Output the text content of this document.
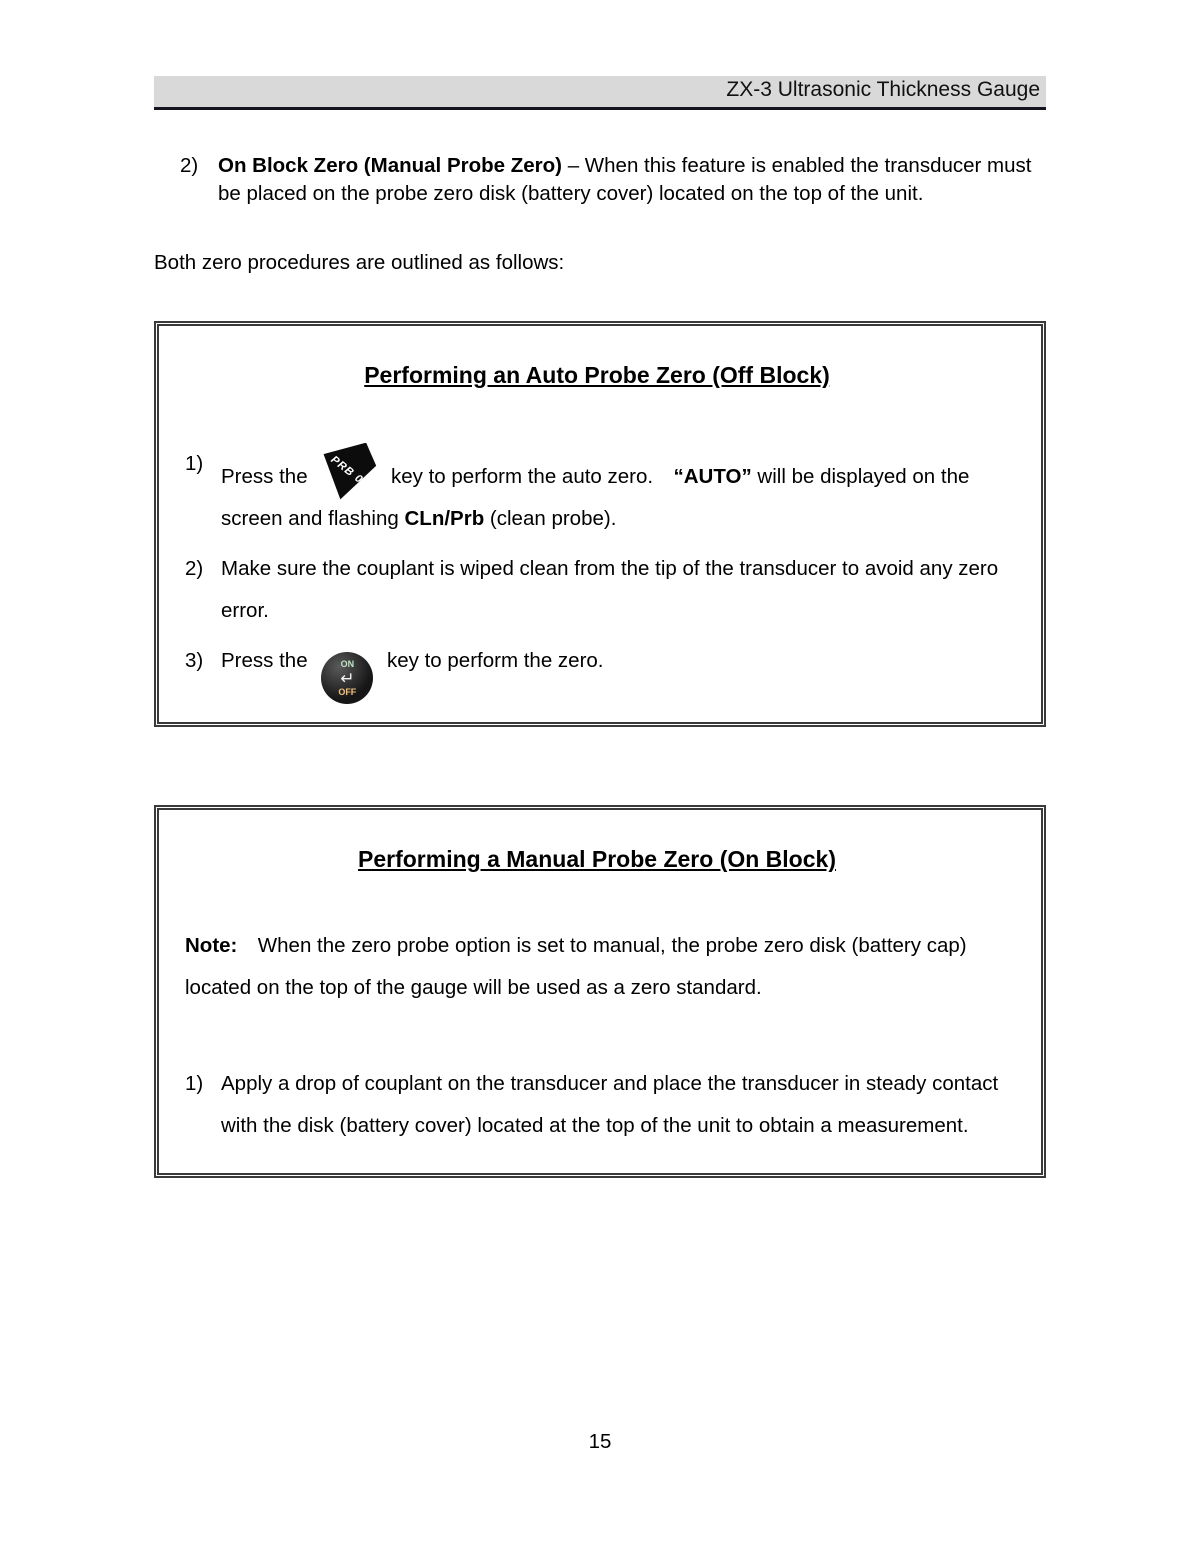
ZX-3 Ultrasonic Thickness Gauge
2) On Block Zero (Manual Probe Zero) – When this feature is enabled the transducer must be placed on the probe zero disk (battery cover) located on the top of the unit.

Both zero procedures are outlined as follows:

Performing an Auto Probe Zero (Off Block)
1)
Press the	PRB 0 key to perform the auto zero. “AUTO” will be displayed on the screen and flashing CLn/Prb (clean probe).
2) Make sure the couplant is wiped clean from the tip of the transducer to avoid any zero error.
3) Press the	ON
↵
OFF
key to perform the zero.
Performing a Manual Probe Zero (On Block)

Note: When the zero probe option is set to manual, the probe zero disk (battery cap) located on the top of the gauge will be used as a zero standard.

1) Apply a drop of couplant on the transducer and place the transducer in steady contact with the disk (battery cover) located at the top of the unit to obtain a measurement.
15
